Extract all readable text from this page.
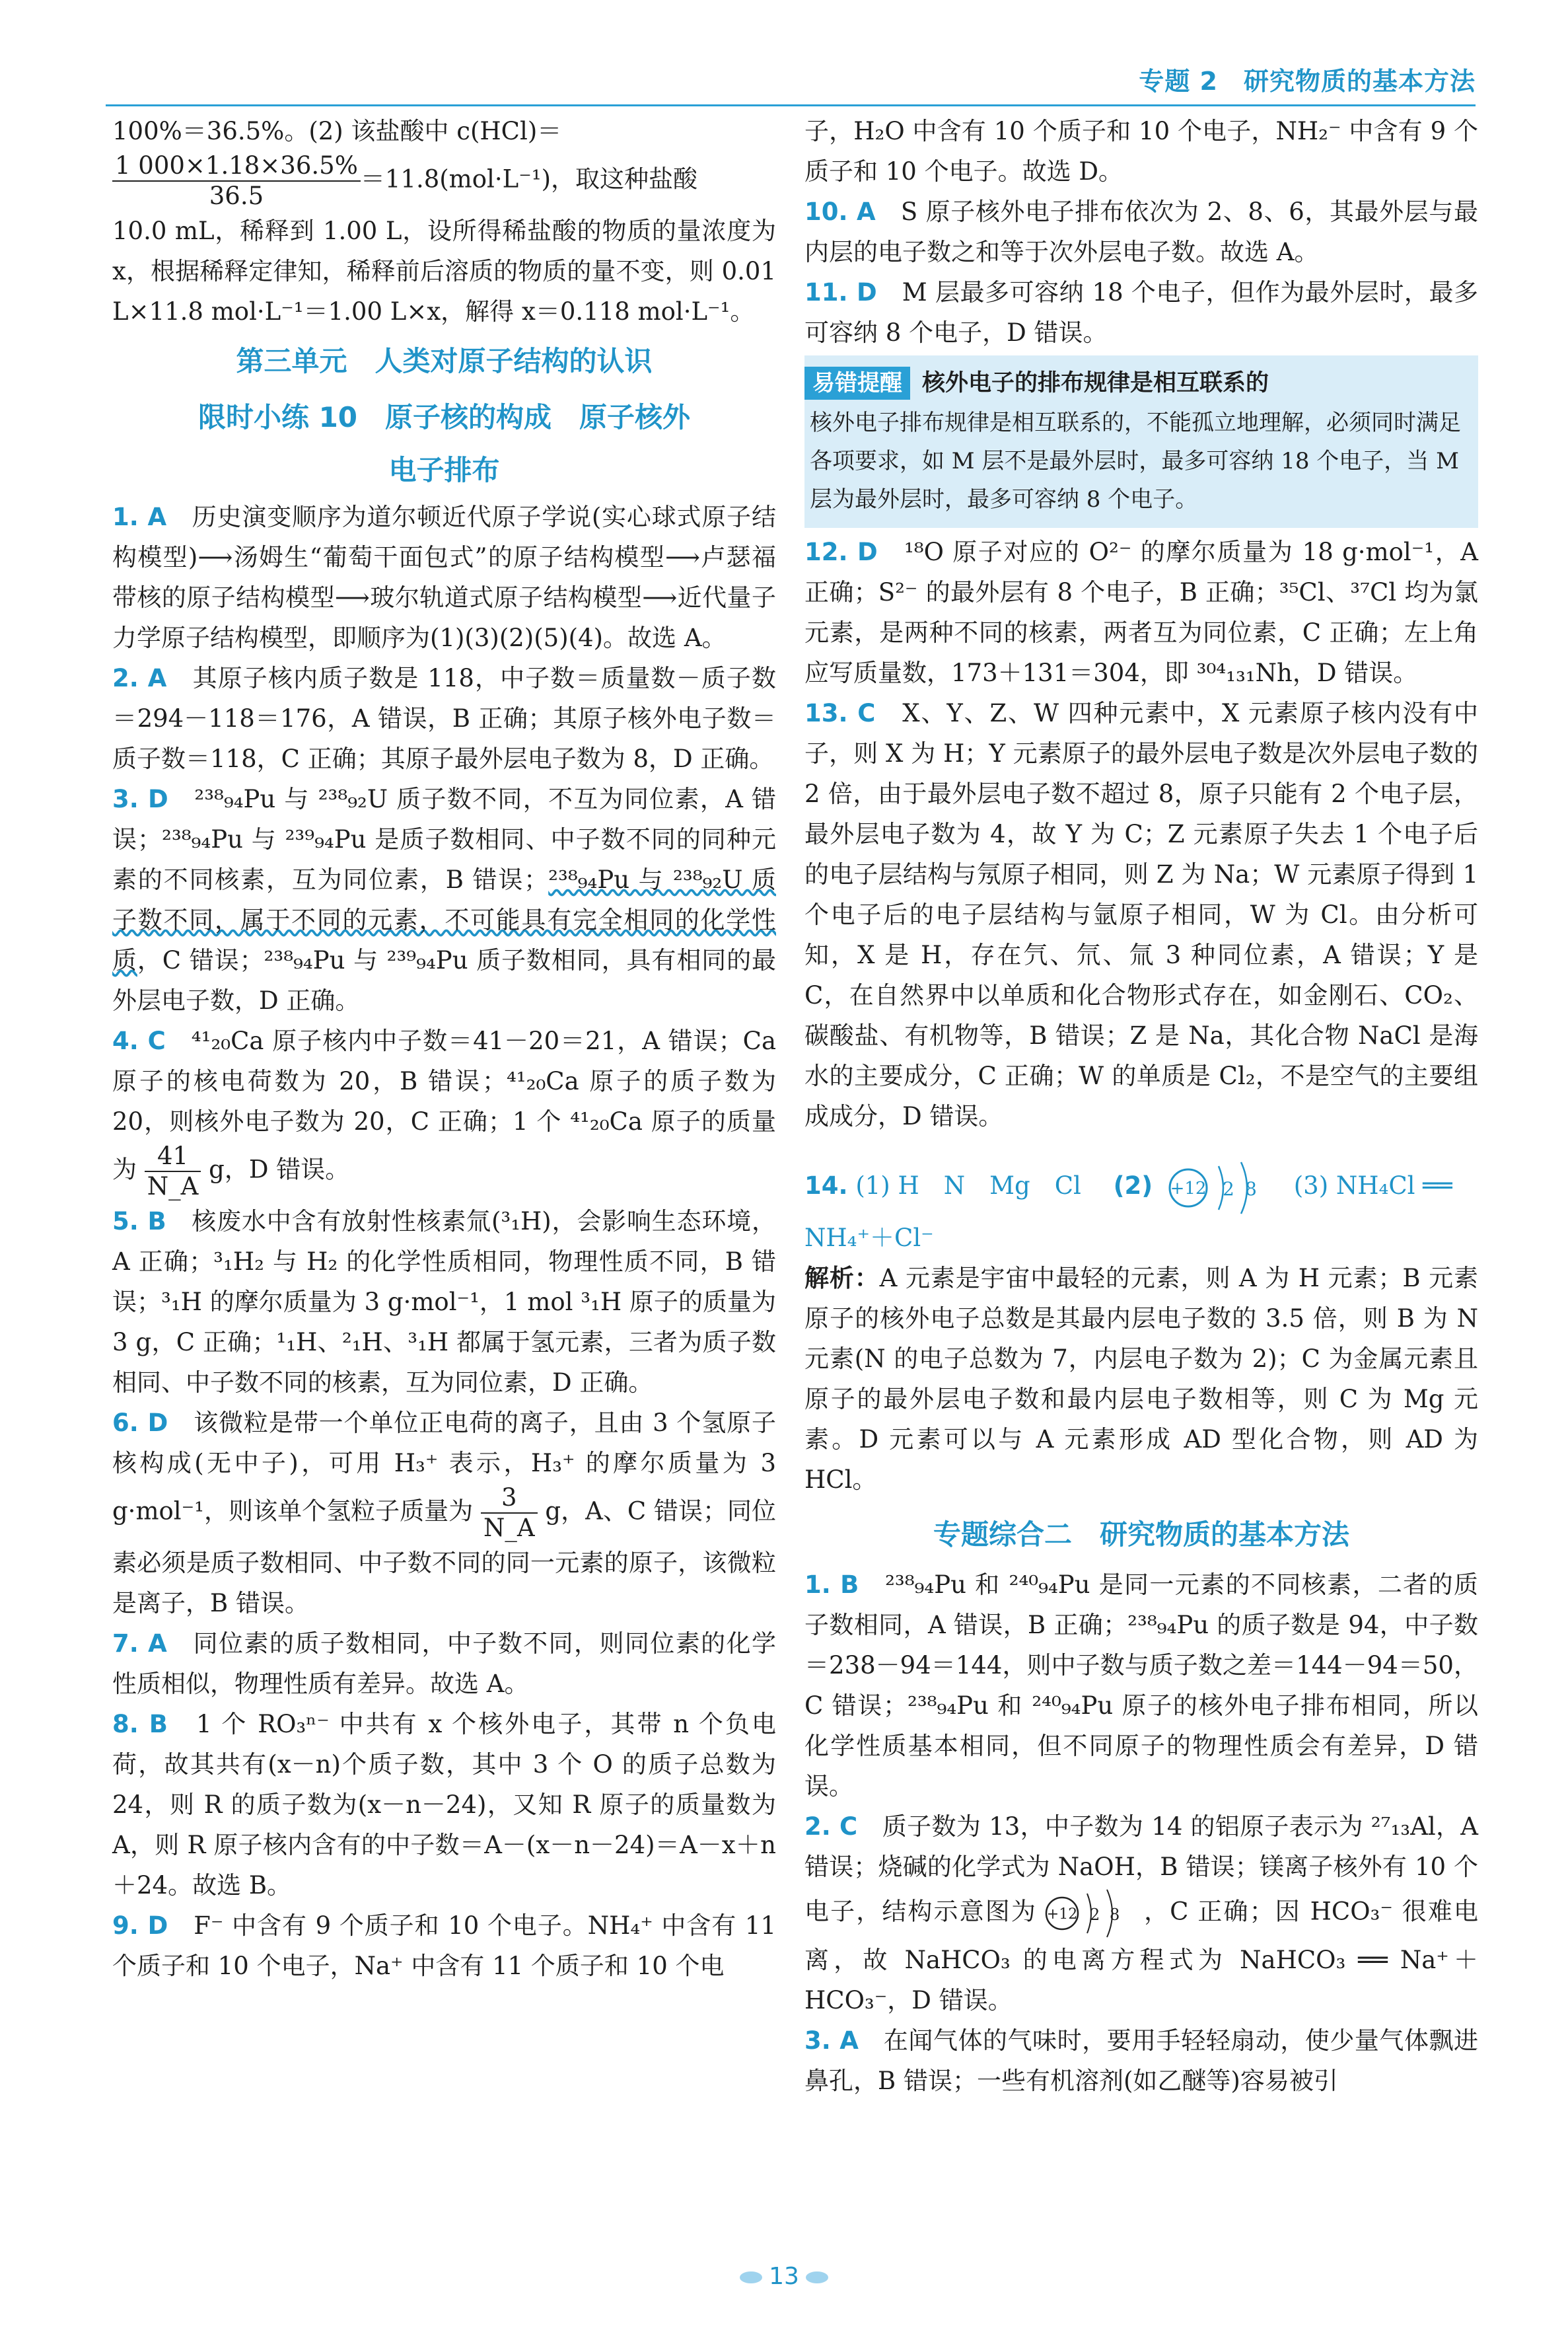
专题 2　研究物质的基本方法

100%＝36.5%。(2) 该盐酸中 c(HCl)＝

$\frac{1 000\times 1.18\times 36.5\%}{36.5} =11.8(mol\cdot L^{-1})$，取这种盐酸

10.0 mL，稀释到 1.00 L，设所得稀盐酸的物质的量浓度为 x，根据稀释定律知，稀释前后溶质的物质的量不变，则 0.01 L×11.8 mol·L⁻¹＝1.00 L×x，解得 x＝0.118 mol·L⁻¹。

第三单元　人类对原子结构的认识

限时小练 10　原子核的构成　原子核外

电子排布

1. A　 历史演变顺序为道尔顿近代原子学说(实心球式原子结构模型)⟶汤姆生“葡萄干面包式”的原子结构模型⟶卢瑟福带核的原子结构模型⟶玻尔轨道式原子结构模型⟶近代量子力学原子结构模型，即顺序为(1)(3)(2)(5)(4)。故选 A。

2. A　 其原子核内质子数是 118，中子数＝质量数－质子数＝294－118＝176，A 错误，B 正确；其原子核外电子数＝质子数＝118，C 正确；其原子最外层电子数为 8，D 正确。

3. D　 ²³⁸₉₄Pu 与 ²³⁸₉₂U 质子数不同，不互为同位素，A 错误；²³⁸₉₄Pu 与 ²³⁹₉₄Pu 是质子数相同、中子数不同的同种元素的不同核素，互为同位素，B 错误；²³⁸₉₄Pu 与 ²³⁸₉₂U 质子数不同，属于不同的元素，不可能具有完全相同的化学性质，C 错误；²³⁸₉₄Pu 与 ²³⁹₉₄Pu 质子数相同，具有相同的最外层电子数，D 正确。

4. C　 ⁴¹₂₀Ca 原子核内中子数＝41－20＝21，A 错误；Ca 原子的核电荷数为 20，B 错误；⁴¹₂₀Ca 原子的质子数为 20，则核外电子数为 20，C 正确；1 个 ⁴¹₂₀Ca 原子的质量为 $\frac{41}{N\_A}$ g，D 错误。

5. B　 核废水中含有放射性核素氚(³₁H)，会影响生态环境，A 正确；³₁H₂ 与 H₂ 的化学性质相同，物理性质不同，B 错误；³₁H 的摩尔质量为 3 g·mol⁻¹，1 mol ³₁H 原子的质量为 3 g，C 正确；¹₁H、²₁H、³₁H 都属于氢元素，三者为质子数相同、中子数不同的核素，互为同位素，D 正确。

6. D　 该微粒是带一个单位正电荷的离子，且由 3 个氢原子核构成(无中子)，可用 H₃⁺ 表示，H₃⁺ 的摩尔质量为 3 g·mol⁻¹，则该单个氢粒子质量为 $\frac{3}{N\_A}$ g，A、C 错误；同位素必须是质子数相同、中子数不同的同一元素的原子，该微粒是离子，B 错误。

7. A　 同位素的质子数相同，中子数不同，则同位素的化学性质相似，物理性质有差异。故选 A。

8. B　 1 个 RO₃ⁿ⁻ 中共有 x 个核外电子，其带 n 个负电荷，故其共有(x－n)个质子数，其中 3 个 O 的质子总数为 24，则 R 的质子数为(x－n－24)，又知 R 原子的质量数为 A，则 R 原子核内含有的中子数＝A－(x－n－24)＝A－x＋n＋24。故选 B。

9. D　 F⁻ 中含有 9 个质子和 10 个电子。NH₄⁺ 中含有 11 个质子和 10 个电子，Na⁺ 中含有 11 个质子和 10 个电

子，H₂O 中含有 10 个质子和 10 个电子，NH₂⁻ 中含有 9 个质子和 10 个电子。故选 D。

10. A　 S 原子核外电子排布依次为 2、8、6，其最外层与最内层的电子数之和等于次外层电子数。故选 A。

11. D　 M 层最多可容纳 18 个电子，但作为最外层时，最多可容纳 8 个电子，D 错误。

易错提醒 核外电子的排布规律是相互联系的

核外电子排布规律是相互联系的，不能孤立地理解，必须同时满足各项要求，如 M 层不是最外层时，最多可容纳 18 个电子，当 M 层为最外层时，最多可容纳 8 个电子。

12. D　 ¹⁸O 原子对应的 O²⁻ 的摩尔质量为 18 g·mol⁻¹，A 正确；S²⁻ 的最外层有 8 个电子，B 正确；³⁵Cl、³⁷Cl 均为氯元素，是两种不同的核素，两者互为同位素，C 正确；左上角应写质量数，173＋131＝304，即 ³⁰⁴₁₃₁Nh，D 错误。

13. C　 X、Y、Z、W 四种元素中，X 元素原子核内没有中子，则 X 为 H；Y 元素原子的最外层电子数是次外层电子数的 2 倍，由于最外层电子数不超过 8，原子只能有 2 个电子层，最外层电子数为 4，故 Y 为 C；Z 元素原子失去 1 个电子后的电子层结构与氖原子相同，则 Z 为 Na；W 元素原子得到 1 个电子后的电子层结构与氩原子相同，W 为 Cl。由分析可知，X 是 H，存在氕、氘、氚 3 种同位素，A 错误；Y 是 C，在自然界中以单质和化合物形式存在，如金刚石、CO₂、碳酸盐、有机物等，B 错误；Z 是 Na，其化合物 NaCl 是海水的主要成分，C 正确；W 的单质是 Cl₂，不是空气的主要组成成分，D 错误。

14. (1) H　N　Mg　Cl　 (2) +12 2 8 (3) NH₄Cl ══

NH₄⁺＋Cl⁻

解析：A 元素是宇宙中最轻的元素，则 A 为 H 元素；B 元素原子的核外电子总数是其最内层电子数的 3.5 倍，则 B 为 N 元素(N 的电子总数为 7，内层电子数为 2)；C 为金属元素且原子的最外层电子数和最内层电子数相等，则 C 为 Mg 元素。D 元素可以与 A 元素形成 AD 型化合物，则 AD 为 HCl。

专题综合二　研究物质的基本方法

1. B　 ²³⁸₉₄Pu 和 ²⁴⁰₉₄Pu 是同一元素的不同核素，二者的质子数相同，A 错误，B 正确；²³⁸₉₄Pu 的质子数是 94，中子数＝238－94＝144，则中子数与质子数之差＝144－94＝50，C 错误；²³⁸₉₄Pu 和 ²⁴⁰₉₄Pu 原子的核外电子排布相同，所以化学性质基本相同，但不同原子的物理性质会有差异，D 错误。

2. C　 质子数为 13，中子数为 14 的铝原子表示为 ²⁷₁₃Al，A 错误；烧碱的化学式为 NaOH，B 错误；镁离子核外有 10 个电子，结构示意图为 +12 2 8 ，C 正确；因 HCO₃⁻ 很难电离，故 NaHCO₃ 的电离方程式为 NaHCO₃ ══ Na⁺＋HCO₃⁻，D 错误。

3. A　 在闻气体的气味时，要用手轻轻扇动，使少量气体飘进鼻孔，B 错误；一些有机溶剂(如乙醚等)容易被引

13
